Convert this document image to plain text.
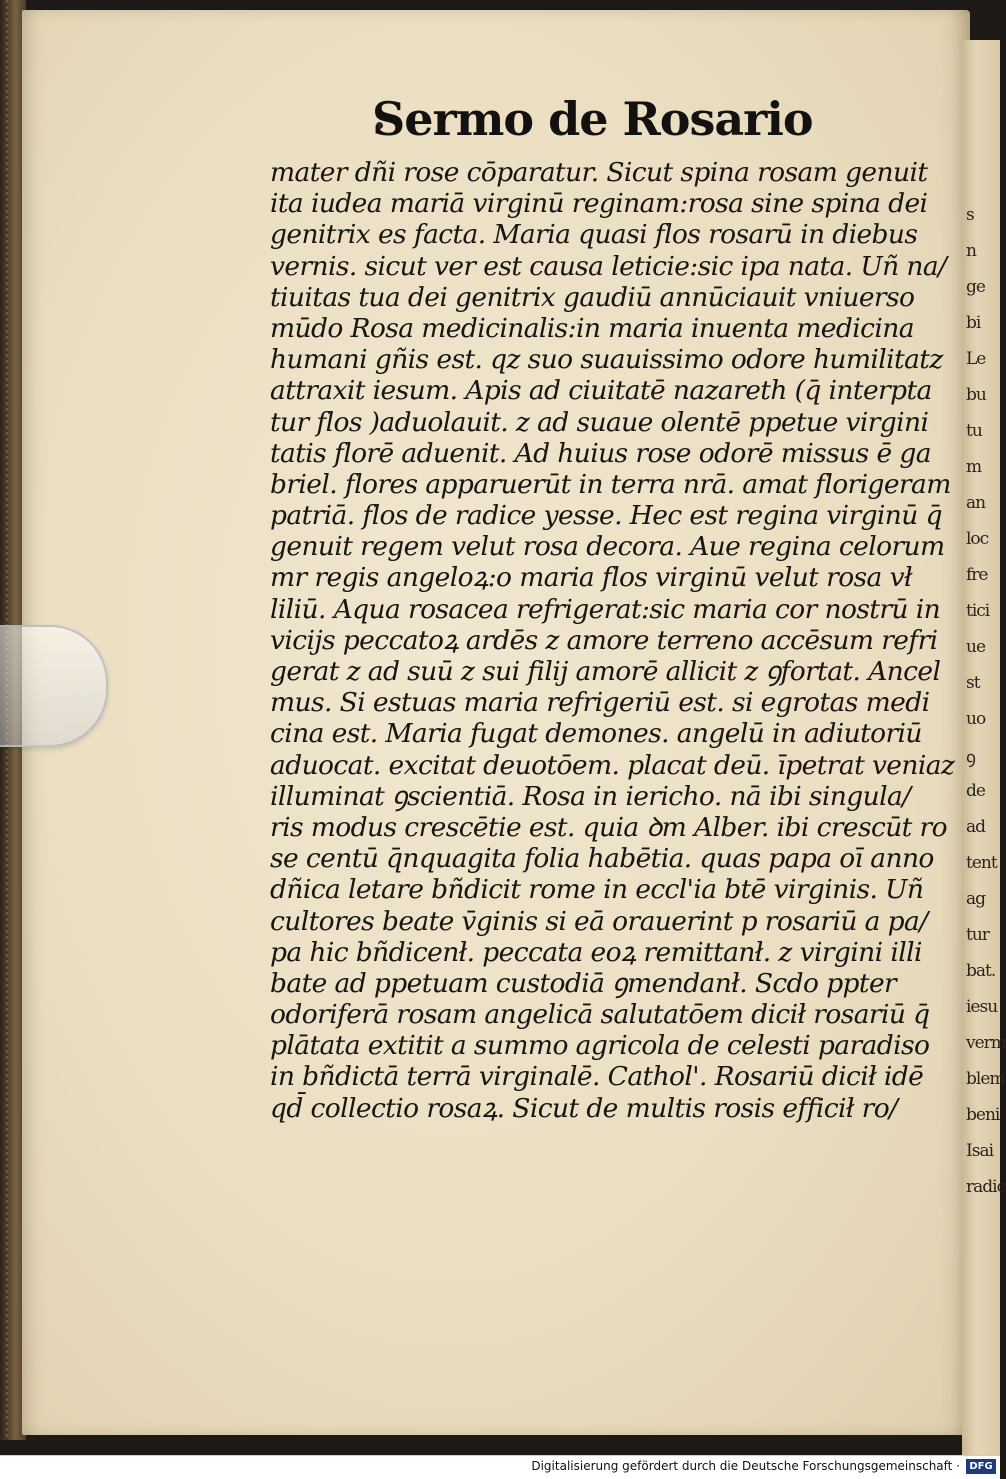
s
n
ge
bi
Le
bu
tu
m
an
loc
fre
tici
ue
st
uo
ꝯ
de
ad
tent
ag
tur
bat.
iesu
verm
blem
beni
Isai
radic
Sermo de Rosario
mater dñi rose cōparatur. Sicut spina rosam genuit
ita iudea mariā virginū reginam:rosa sine spina dei
genitrix es facta. Maria quasi flos rosarū in diebus
vernis. sicut ver est causa leticie:sic ipa nata. Uñ na/
tiuitas tua dei genitrix gaudiū annūciauit vniuerso
mūdo Rosa medicinalis:in maria inuenta medicina
humani gñis est. qz suo suauissimo odore humilitatz
attraxit iesum. Apis ad ciuitatē nazareth (q̄ interpta
tur flos )aduolauit. z ad suaue olentē ppetue virgini
tatis florē aduenit. Ad huius rose odorē missus ē ga
briel. flores apparuerūt in terra nrā. amat florigeram
patriā. flos de radice yesse. Hec est regina virginū q̄
genuit regem velut rosa decora. Aue regina celorum
mr regis angeloꝝ:o maria flos virginū velut rosa vł
liliū. Aqua rosacea refrigerat:sic maria cor nostrū in
vicijs peccatoꝝ ardēs z amore terreno accēsum refri
gerat z ad suū z sui filij amorē allicit z ꝯfortat. Ancel
mus. Si estuas maria refrigeriū est. si egrotas medi
cina est. Maria fugat demones. angelū in adiutoriū
aduocat. excitat deuotōem. placat deū. īpetrat veniaz
illuminat ꝯscientiā. Rosa in iericho. nā ibi singula/
ris modus crescētie est. quia ꝺm Alber. ibi crescūt ro
se centū q̄nquagita folia habētia. quas papa oī anno
dñica letare bñdicit rome in eccl'ia btē virginis. Uñ
cultores beate v̄ginis si eā orauerint p rosariū a pa/
pa hic bñdicenł. peccata eoꝝ remittanł. z virgini illi
bate ad ppetuam custodiā ꝯmendanł. Scdo ppter
odoriferā rosam angelicā salutatōem dicił rosariū q̄
plātata extitit a summo agricola de celesti paradiso
in bñdictā terrā virginalē. Cathol'. Rosariū dicił idē
qd̄ collectio rosaꝝ. Sicut de multis rosis efficił ro/
Digitalisierung gefördert durch die Deutsche Forschungsgemeinschaft · DFG
